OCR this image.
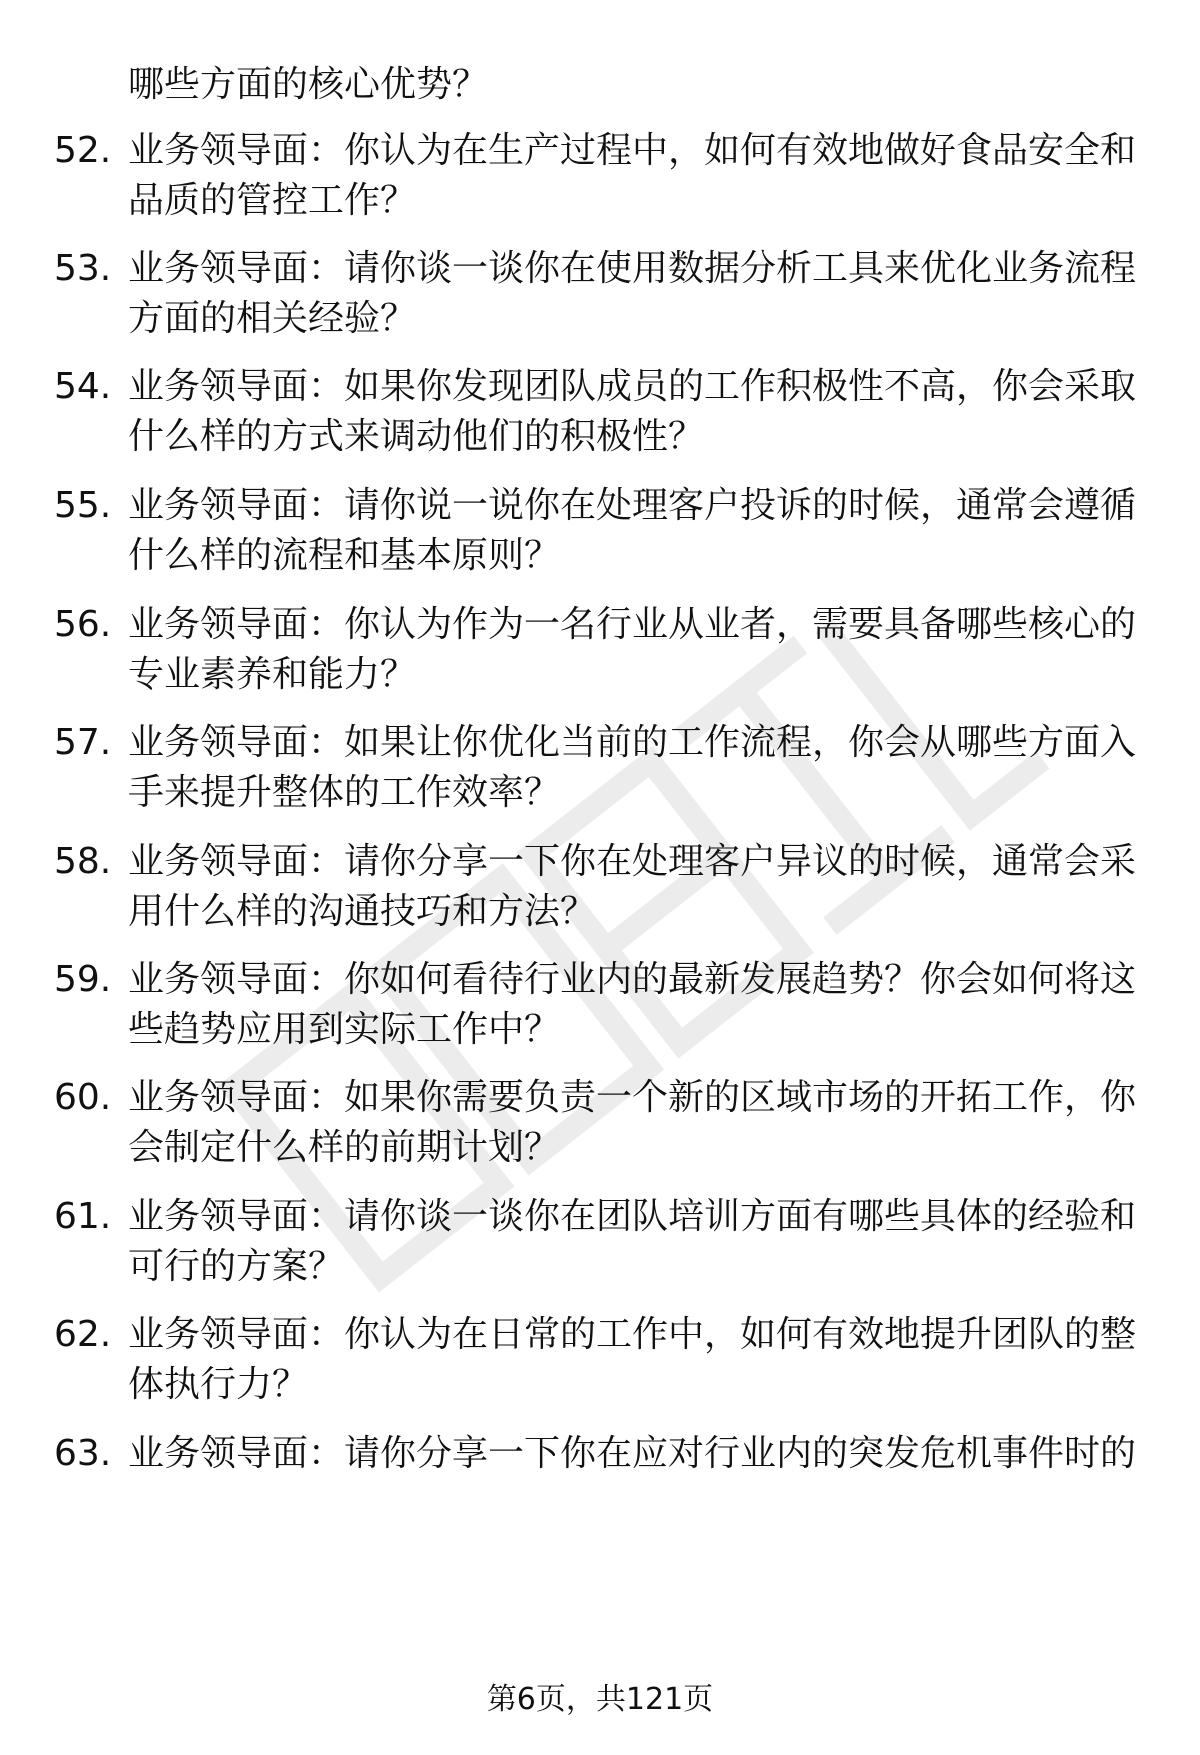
哪些方面的核心优势？
52. 业务领导面：你认为在生产过程中，如何有效地做好食品安全和
品质的管控工作？
53. 业务领导面：请你谈一谈你在使用数据分析工具来优化业务流程
方面的相关经验？
54. 业务领导面：如果你发现团队成员的工作积极性不高，你会采取
什么样的方式来调动他们的积极性？
55. 业务领导面：请你说一说你在处理客户投诉的时候，通常会遵循
什么样的流程和基本原则？
56. 业务领导面：你认为作为一名行业从业者，需要具备哪些核心的
专业素养和能力？
57. 业务领导面：如果让你优化当前的工作流程，你会从哪些方面入
手来提升整体的工作效率？
58. 业务领导面：请你分享一下你在处理客户异议的时候，通常会采
用什么样的沟通技巧和方法？
59. 业务领导面：你如何看待行业内的最新发展趋势？你会如何将这
些趋势应用到实际工作中？
60. 业务领导面：如果你需要负责一个新的区域市场的开拓工作，你
会制定什么样的前期计划？
61. 业务领导面：请你谈一谈你在团队培训方面有哪些具体的经验和
可行的方案？
62. 业务领导面：你认为在日常的工作中，如何有效地提升团队的整
体执行力？
63. 业务领导面：请你分享一下你在应对行业内的突发危机事件时的
第6页，共121页
